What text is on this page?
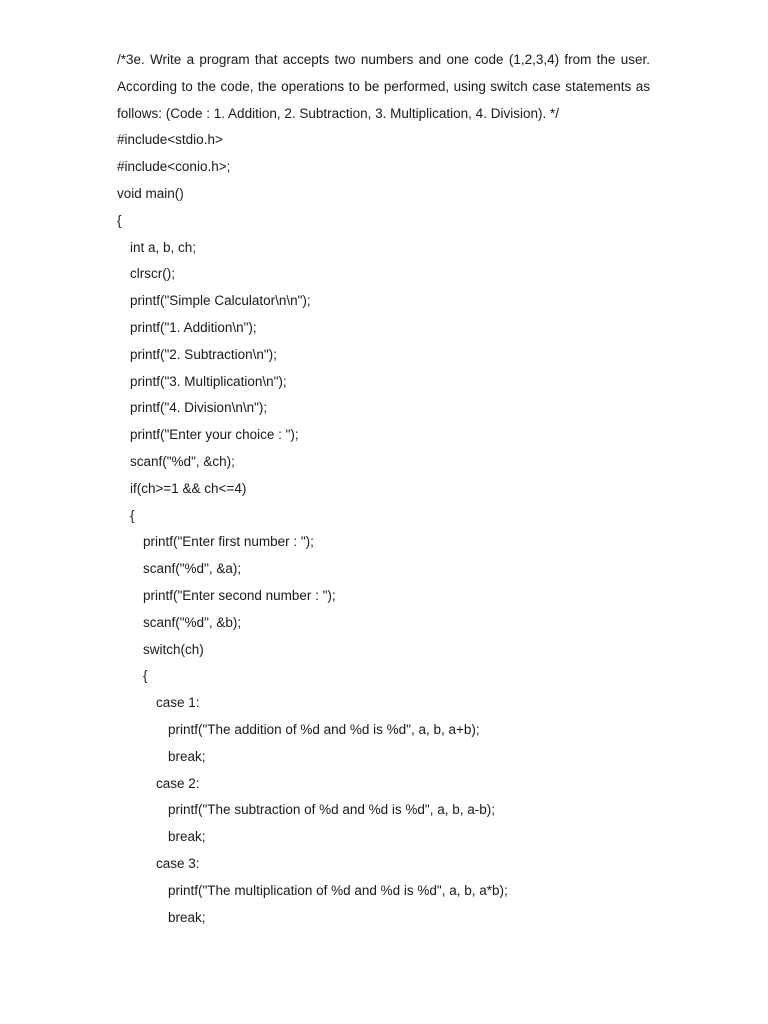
/*3e. Write a program that accepts two numbers and one code (1,2,3,4) from the user. According to the code, the operations to be performed, using switch case statements as follows: (Code : 1. Addition, 2. Subtraction, 3. Multiplication, 4. Division). */

#include<stdio.h>
#include<conio.h>;
void main()
{
int a, b, ch;
clrscr();
printf("Simple Calculator\n\n");
printf("1. Addition\n");
printf("2. Subtraction\n");
printf("3. Multiplication\n");
printf("4. Division\n\n");
printf("Enter your choice : ");
scanf("%d", &ch);
if(ch>=1 && ch<=4)
{
printf("Enter first number : ");
scanf("%d", &a);
printf("Enter second number : ");
scanf("%d", &b);
switch(ch)
{
case 1:
printf("The addition of %d and %d is %d", a, b, a+b);
break;
case 2:
printf("The subtraction of %d and %d is %d", a, b, a-b);
break;
case 3:
printf("The multiplication of %d and %d is %d", a, b, a*b);
break;
